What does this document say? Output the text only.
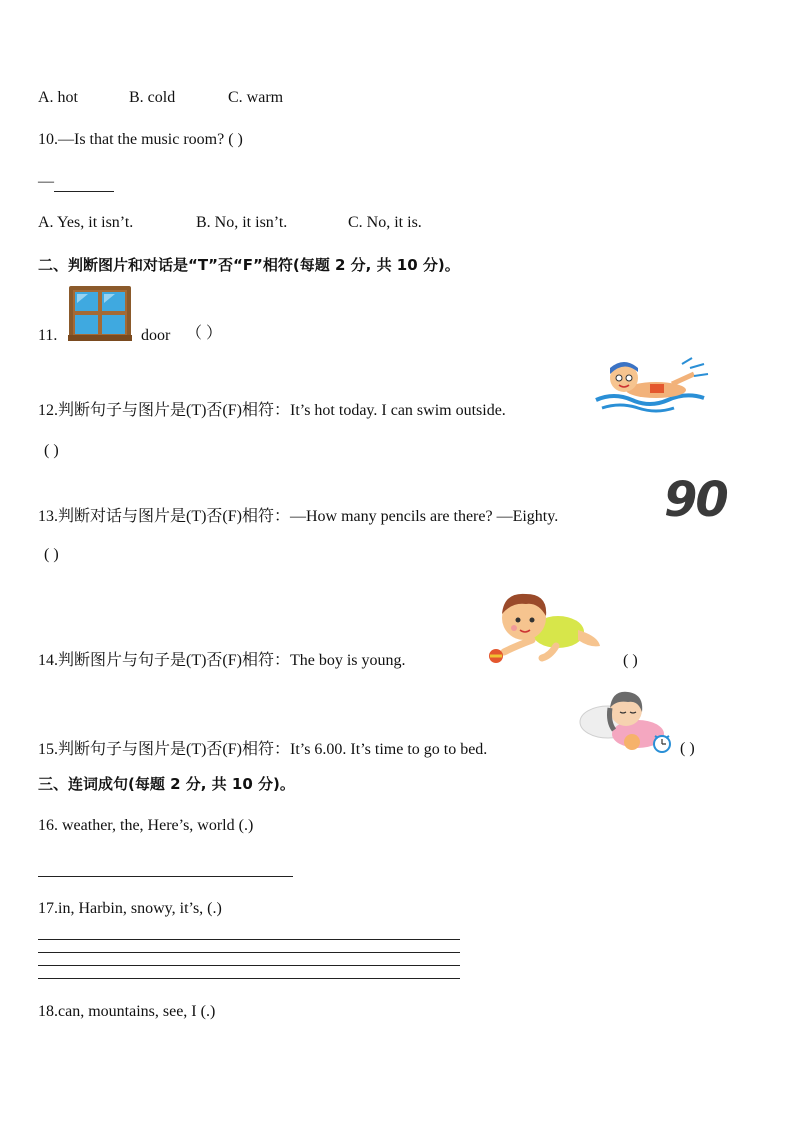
A. hot	B. cold	C. warm
10.—Is that the music room? ( )
—
A. Yes, it isn’t.	B. No, it isn’t.	C. No, it is.
二、判断图片和对话是“T”否“F”相符(每题 2 分, 共 10 分)。
11.	door （ ）
12.判断句子与图片是(T)否(F)相符：It’s hot today. I can swim outside.
( )
13.判断对话与图片是(T)否(F)相符：—How many pencils are there? —Eighty. 90
( )
14.判断图片与句子是(T)否(F)相符：The boy is young.	( )
15.判断句子与图片是(T)否(F)相符：It’s 6.00. It’s time to go to bed.	( )
三、连词成句(每题 2 分, 共 10 分)。
16. weather, the, Here’s, world (.)
17.in, Harbin, snowy, it’s, (.)
18.can, mountains, see, I (.)
